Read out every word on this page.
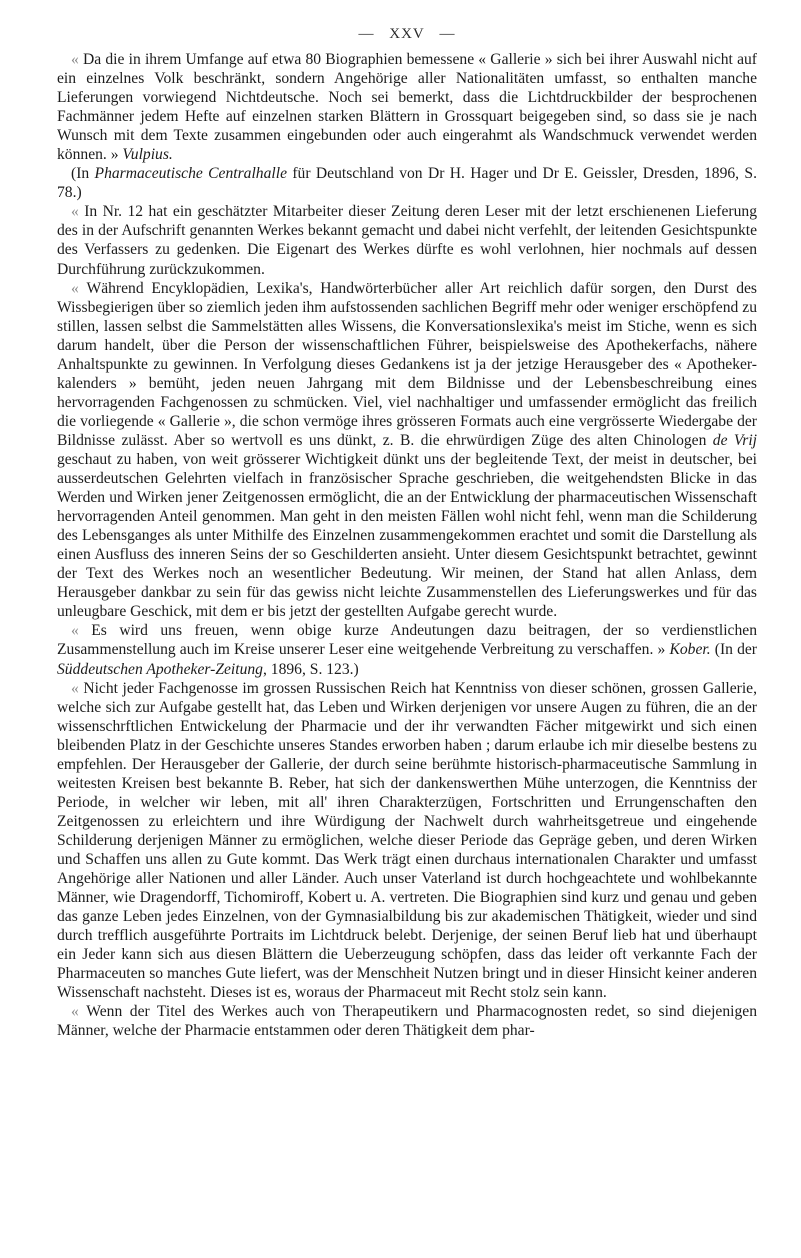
— XXV —

« Da die in ihrem Umfange auf etwa 80 Biographien bemessene « Gallerie » sich bei ihrer Auswahl nicht auf ein einzelnes Volk beschränkt, sondern Angehörige aller Nationalitäten umfasst, so enthalten manche Lieferungen vorwiegend Nichtdeutsche. Noch sei bemerkt, dass die Lichtdruckbilder der besprochenen Fachmänner jedem Hefte auf einzelnen starken Blättern in Grossquart beigegeben sind, so dass sie je nach Wunsch mit dem Texte zusammen eingebunden oder auch eingerahmt als Wandschmuck verwendet werden können. » Vulpius.

(In Pharmaceutische Centralhalle für Deutschland von Dr H. Hager und Dr E. Geissler, Dresden, 1896, S. 78.)

« In Nr. 12 hat ein geschätzter Mitarbeiter dieser Zeitung deren Leser mit der letzt erschienenen Lieferung des in der Aufschrift genannten Werkes bekannt gemacht und dabei nicht verfehlt, der leitenden Gesichtspunkte des Verfassers zu gedenken. Die Eigenart des Werkes dürfte es wohl verlohnen, hier nochmals auf dessen Durchführung zurückzukommen.

« Während Encyklopädien, Lexika's, Handwörterbücher aller Art reichlich dafür sorgen, den Durst des Wissbegierigen über so ziemlich jeden ihm aufstossenden sachlichen Begriff mehr oder weniger erschöpfend zu stillen, lassen selbst die Sammelstätten alles Wissens, die Konversationslexika's meist im Stiche, wenn es sich darum handelt, über die Person der wissenschaftlichen Führer, beispielsweise des Apothekerfachs, nähere Anhaltspunkte zu gewinnen. In Verfolgung dieses Gedankens ist ja der jetzige Herausgeber des « Apotheker-kalenders » bemüht, jeden neuen Jahrgang mit dem Bildnisse und der Lebensbeschreibung eines hervorragenden Fachgenossen zu schmücken. Viel, viel nachhaltiger und umfassender ermöglicht das freilich die vorliegende « Gallerie », die schon vermöge ihres grösseren Formats auch eine vergrösserte Wiedergabe der Bildnisse zulässt. Aber so wertvoll es uns dünkt, z. B. die ehrwürdigen Züge des alten Chinologen de Vrij geschaut zu haben, von weit grösserer Wichtigkeit dünkt uns der begleitende Text, der meist in deutscher, bei ausserdeutschen Gelehrten vielfach in französischer Sprache geschrieben, die weitgehendsten Blicke in das Werden und Wirken jener Zeitgenossen ermöglicht, die an der Entwicklung der pharmaceutischen Wissenschaft hervorragenden Anteil genommen. Man geht in den meisten Fällen wohl nicht fehl, wenn man die Schilderung des Lebensganges als unter Mithilfe des Einzelnen zusammengekommen erachtet und somit die Darstellung als einen Ausfluss des inneren Seins der so Geschilderten ansieht. Unter diesem Gesichtspunkt betrachtet, gewinnt der Text des Werkes noch an wesentlicher Bedeutung. Wir meinen, der Stand hat allen Anlass, dem Herausgeber dankbar zu sein für das gewiss nicht leichte Zusammenstellen des Lieferungswerkes und für das unleugbare Geschick, mit dem er bis jetzt der gestellten Aufgabe gerecht wurde.

« Es wird uns freuen, wenn obige kurze Andeutungen dazu beitragen, der so verdienstlichen Zusammenstellung auch im Kreise unserer Leser eine weitgehende Verbreitung zu verschaffen. » Kober. (In der Süddeutschen Apotheker-Zeitung, 1896, S. 123.)

« Nicht jeder Fachgenosse im grossen Russischen Reich hat Kenntniss von dieser schönen, grossen Gallerie, welche sich zur Aufgabe gestellt hat, das Leben und Wirken derjenigen vor unsere Augen zu führen, die an der wissenschrftlichen Entwickelung der Pharmacie und der ihr verwandten Fächer mitgewirkt und sich einen bleibenden Platz in der Geschichte unseres Standes erworben haben ; darum erlaube ich mir dieselbe bestens zu empfehlen. Der Herausgeber der Gallerie, der durch seine berühmte historisch-pharmaceutische Sammlung in weitesten Kreisen best bekannte B. Reber, hat sich der dankenswerthen Mühe unterzogen, die Kenntniss der Periode, in welcher wir leben, mit all' ihren Charakterzügen, Fortschritten und Errungenschaften den Zeitgenossen zu erleichtern und ihre Würdigung der Nachwelt durch wahrheitsgetreue und eingehende Schilderung derjenigen Männer zu ermöglichen, welche dieser Periode das Gepräge geben, und deren Wirken und Schaffen uns allen zu Gute kommt. Das Werk trägt einen durchaus internationalen Charakter und umfasst Angehörige aller Nationen und aller Länder. Auch unser Vaterland ist durch hochgeachtete und wohlbekannte Männer, wie Dragendorff, Tichomiroff, Kobert u. A. vertreten. Die Biographien sind kurz und genau und geben das ganze Leben jedes Einzelnen, von der Gymnasialbildung bis zur akademischen Thätigkeit, wieder und sind durch trefflich ausgeführte Portraits im Lichtdruck belebt. Derjenige, der seinen Beruf lieb hat und überhaupt ein Jeder kann sich aus diesen Blättern die Ueberzeugung schöpfen, dass das leider oft verkannte Fach der Pharmaceuten so manches Gute liefert, was der Menschheit Nutzen bringt und in dieser Hinsicht keiner anderen Wissenschaft nachsteht. Dieses ist es, woraus der Pharmaceut mit Recht stolz sein kann.

« Wenn der Titel des Werkes auch von Therapeutikern und Pharmacognosten redet, so sind diejenigen Männer, welche der Pharmacie entstammen oder deren Thätigkeit dem phar-
